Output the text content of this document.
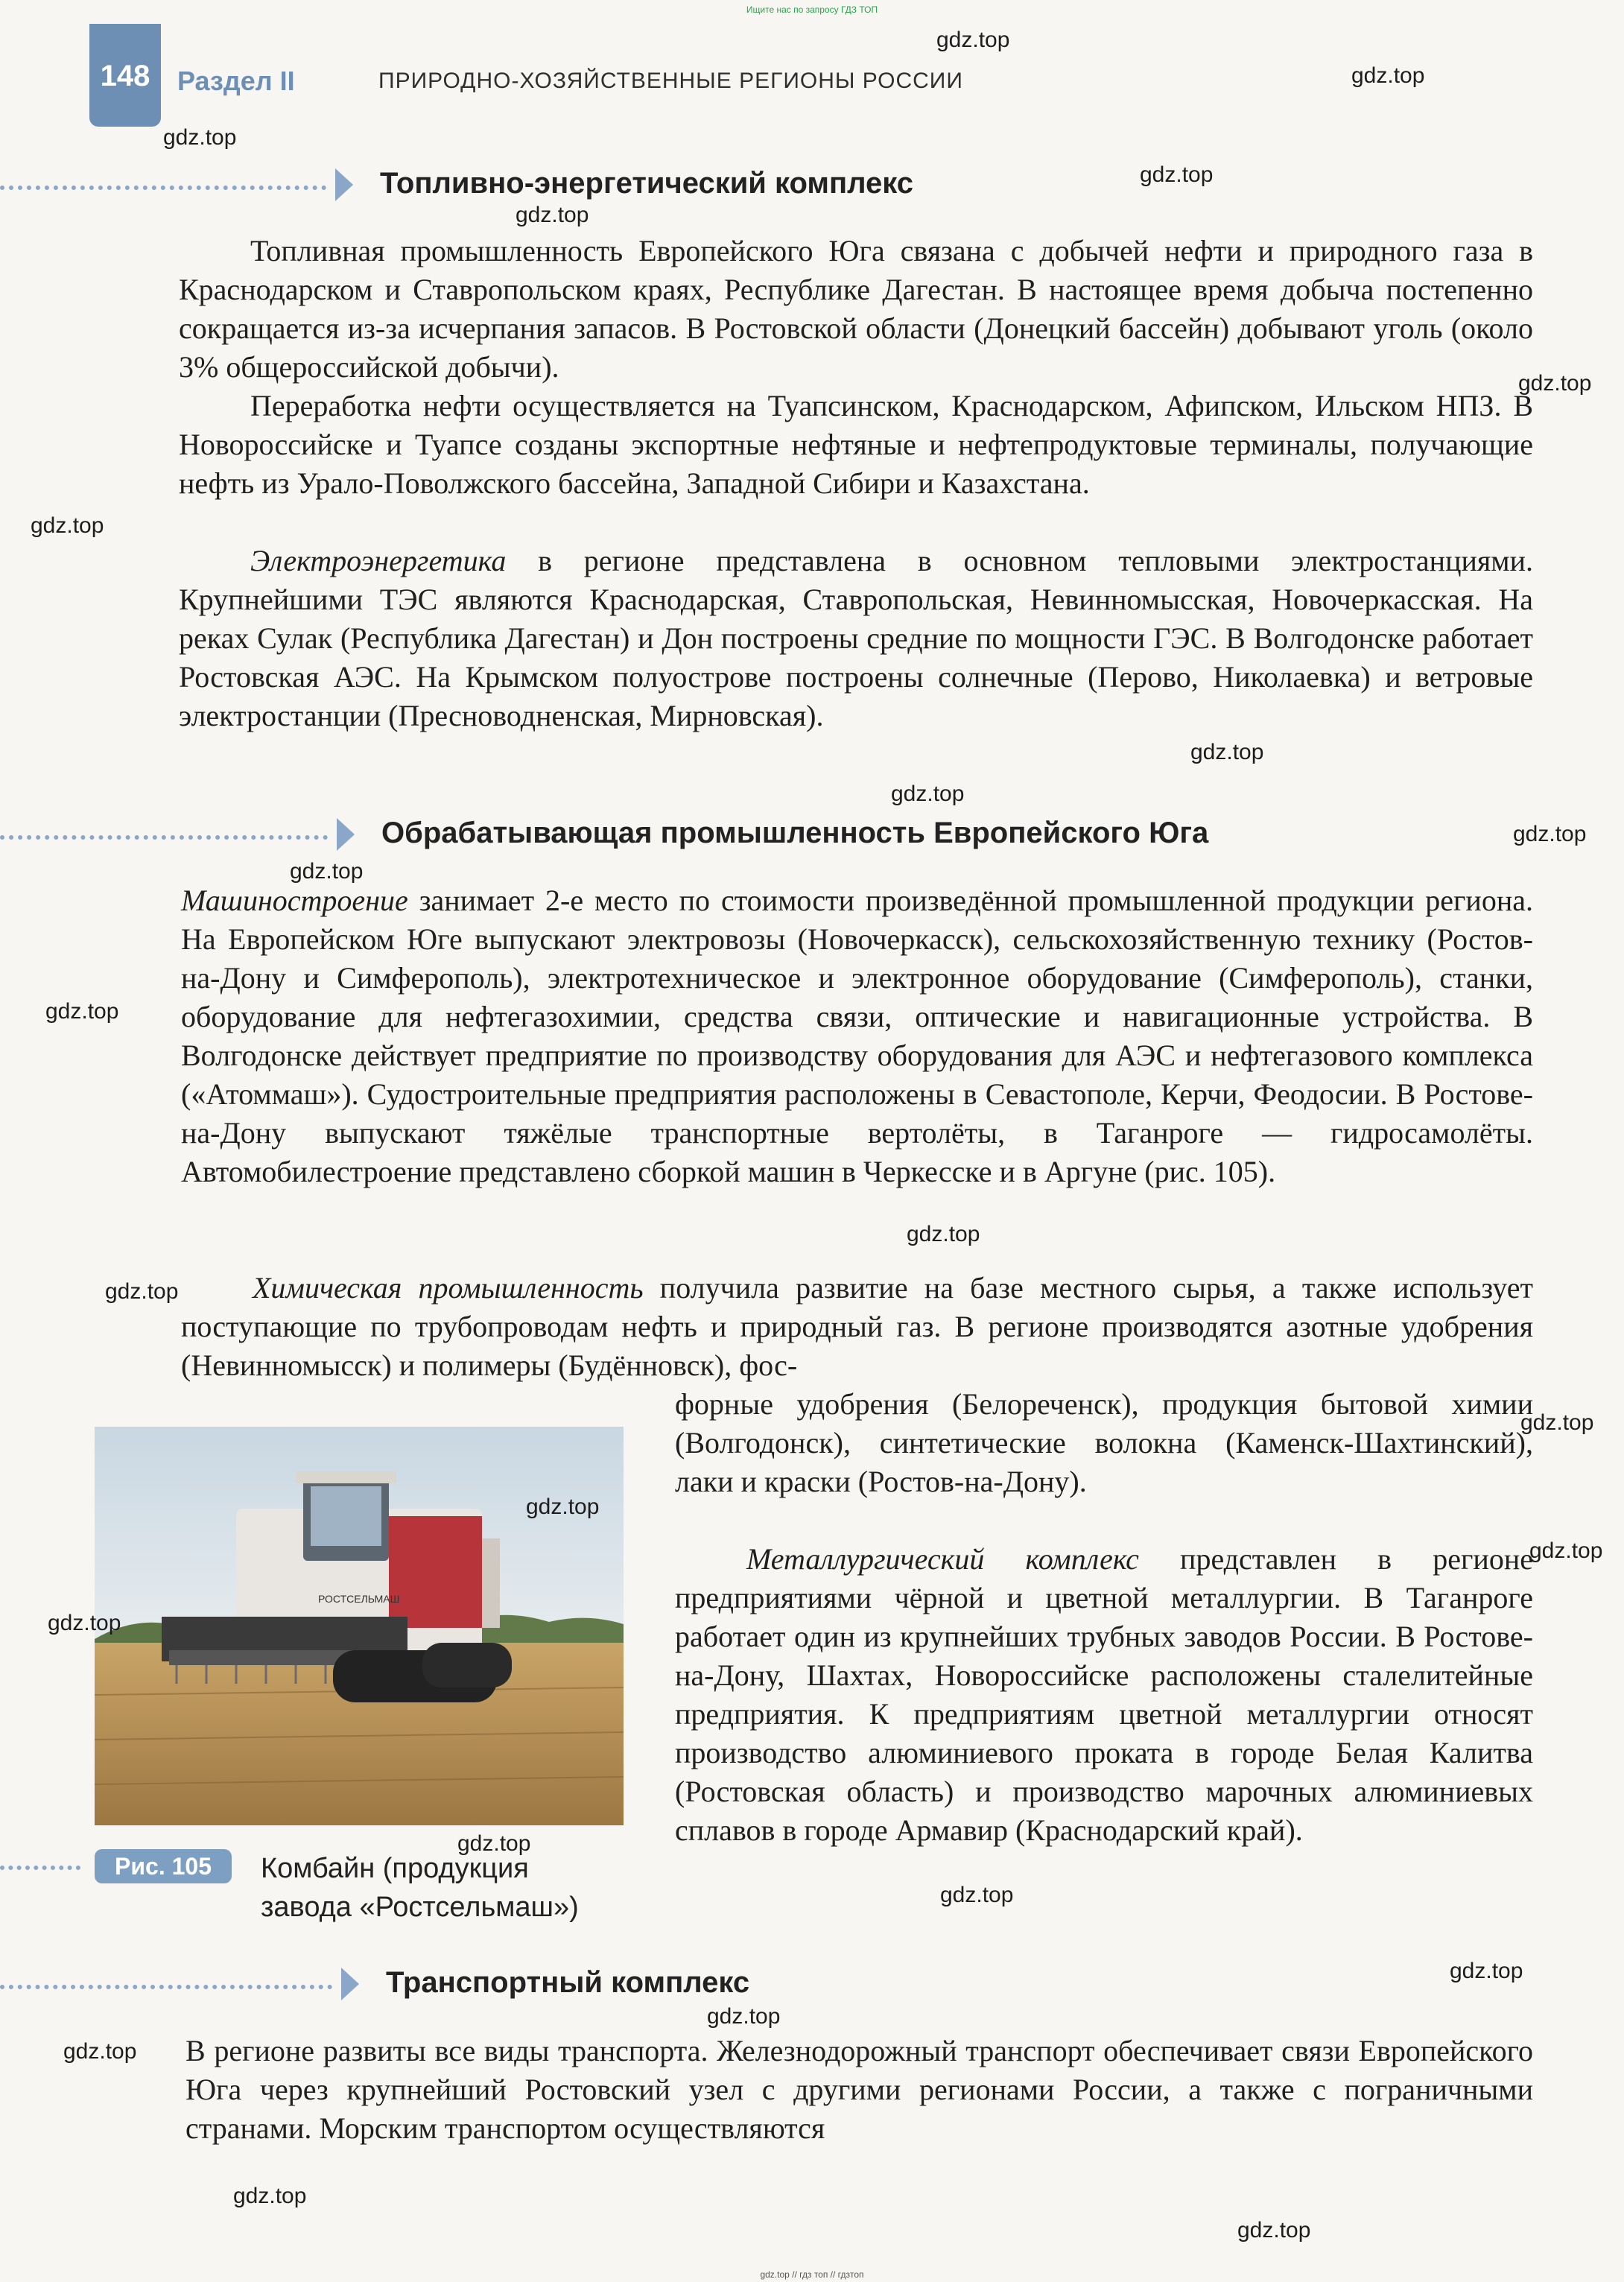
Ищите нас по запросу ГДЗ ТОП
148	Раздел II	ПРИРОДНО-ХОЗЯЙСТВЕННЫЕ РЕГИОНЫ РОССИИ
Топливно-энергетический комплекс

Топливная промышленность Европейского Юга связана с добычей нефти и природного газа в Краснодарском и Ставропольском краях, Республике Дагестан. В настоящее время добыча постепенно сокращается из-за исчерпания запасов. В Ростовской области (Донецкий бассейн) добывают уголь (около 3% общероссийской добычи).

Переработка нефти осуществляется на Туапсинском, Краснодарском, Афипском, Ильском НПЗ. В Новороссийске и Туапсе созданы экспортные нефтяные и нефтепродуктовые терминалы, получающие нефть из Урало-Поволжского бассейна, Западной Сибири и Казахстана.

Электроэнергетика в регионе представлена в основном тепловыми электростанциями. Крупнейшими ТЭС являются Краснодарская, Ставропольская, Невинномысская, Новочеркасская. На реках Сулак (Республика Дагестан) и Дон построены средние по мощности ГЭС. В Волгодонске работает Ростовская АЭС. На Крымском полуострове построены солнечные (Перово, Николаевка) и ветровые электростанции (Пресноводненская, Мирновская).

Обрабатывающая промышленность Европейского Юга

Машиностроение занимает 2-е место по стоимости произведённой промышленной продукции региона. На Европейском Юге выпускают электровозы (Новочеркасск), сельскохозяйственную технику (Ростов-на-Дону и Симферополь), электротехническое и электронное оборудование (Симферополь), станки, оборудование для нефтегазохимии, средства связи, оптические и навигационные устройства. В Волгодонске действует предприятие по производству оборудования для АЭС и нефтегазового комплекса («Атоммаш»). Судостроительные предприятия расположены в Севастополе, Керчи, Феодосии. В Ростове-на-Дону выпускают тяжёлые транспортные вертолёты, в Таганроге — гидросамолёты. Автомобилестроение представлено сборкой машин в Черкесске и в Аргуне (рис. 105).

Химическая промышленность получила развитие на базе местного сырья, а также использует поступающие по трубопроводам нефть и природный газ. В регионе производятся азотные удобрения (Невинномысск) и полимеры (Будённовск), фос-

форные удобрения (Белореченск), продукция бытовой химии (Волгодонск), синтетические волокна (Каменск-Шахтинский), лаки и краски (Ростов-на-Дону).

Металлургический комплекс представлен в регионе предприятиями чёрной и цветной металлургии. В Таганроге работает один из крупнейших трубных заводов России. В Ростове-на-Дону, Шахтах, Новороссийске расположены сталелитейные предприятия. К предприятиям цветной металлургии относят производство алюминиевого проката в городе Белая Калитва (Ростовская область) и производство марочных алюминиевых сплавов в городе Армавир (Краснодарский край).

РОСТСЕЛЬМАШ
Рис. 105	Комбайн (продукция
завода «Ростсельмаш»)
Транспортный комплекс

В регионе развиты все виды транспорта. Железнодорожный транспорт обеспечивает связи Европейского Юга через крупнейший Ростовский узел с другими регионами России, а также с пограничными странами. Морским транспортом осуществляются

gdz.top
gdz.top
gdz.top
gdz.top
gdz.top
gdz.top
gdz.top
gdz.top
gdz.top
gdz.top
gdz.top
gdz.top
gdz.top
gdz.top
gdz.top
gdz.top
gdz.top
gdz.top
gdz.top
gdz.top
gdz.top
gdz.top
gdz.top
gdz.top
gdz.top
gdz.top // гдз топ // гдзтоп
